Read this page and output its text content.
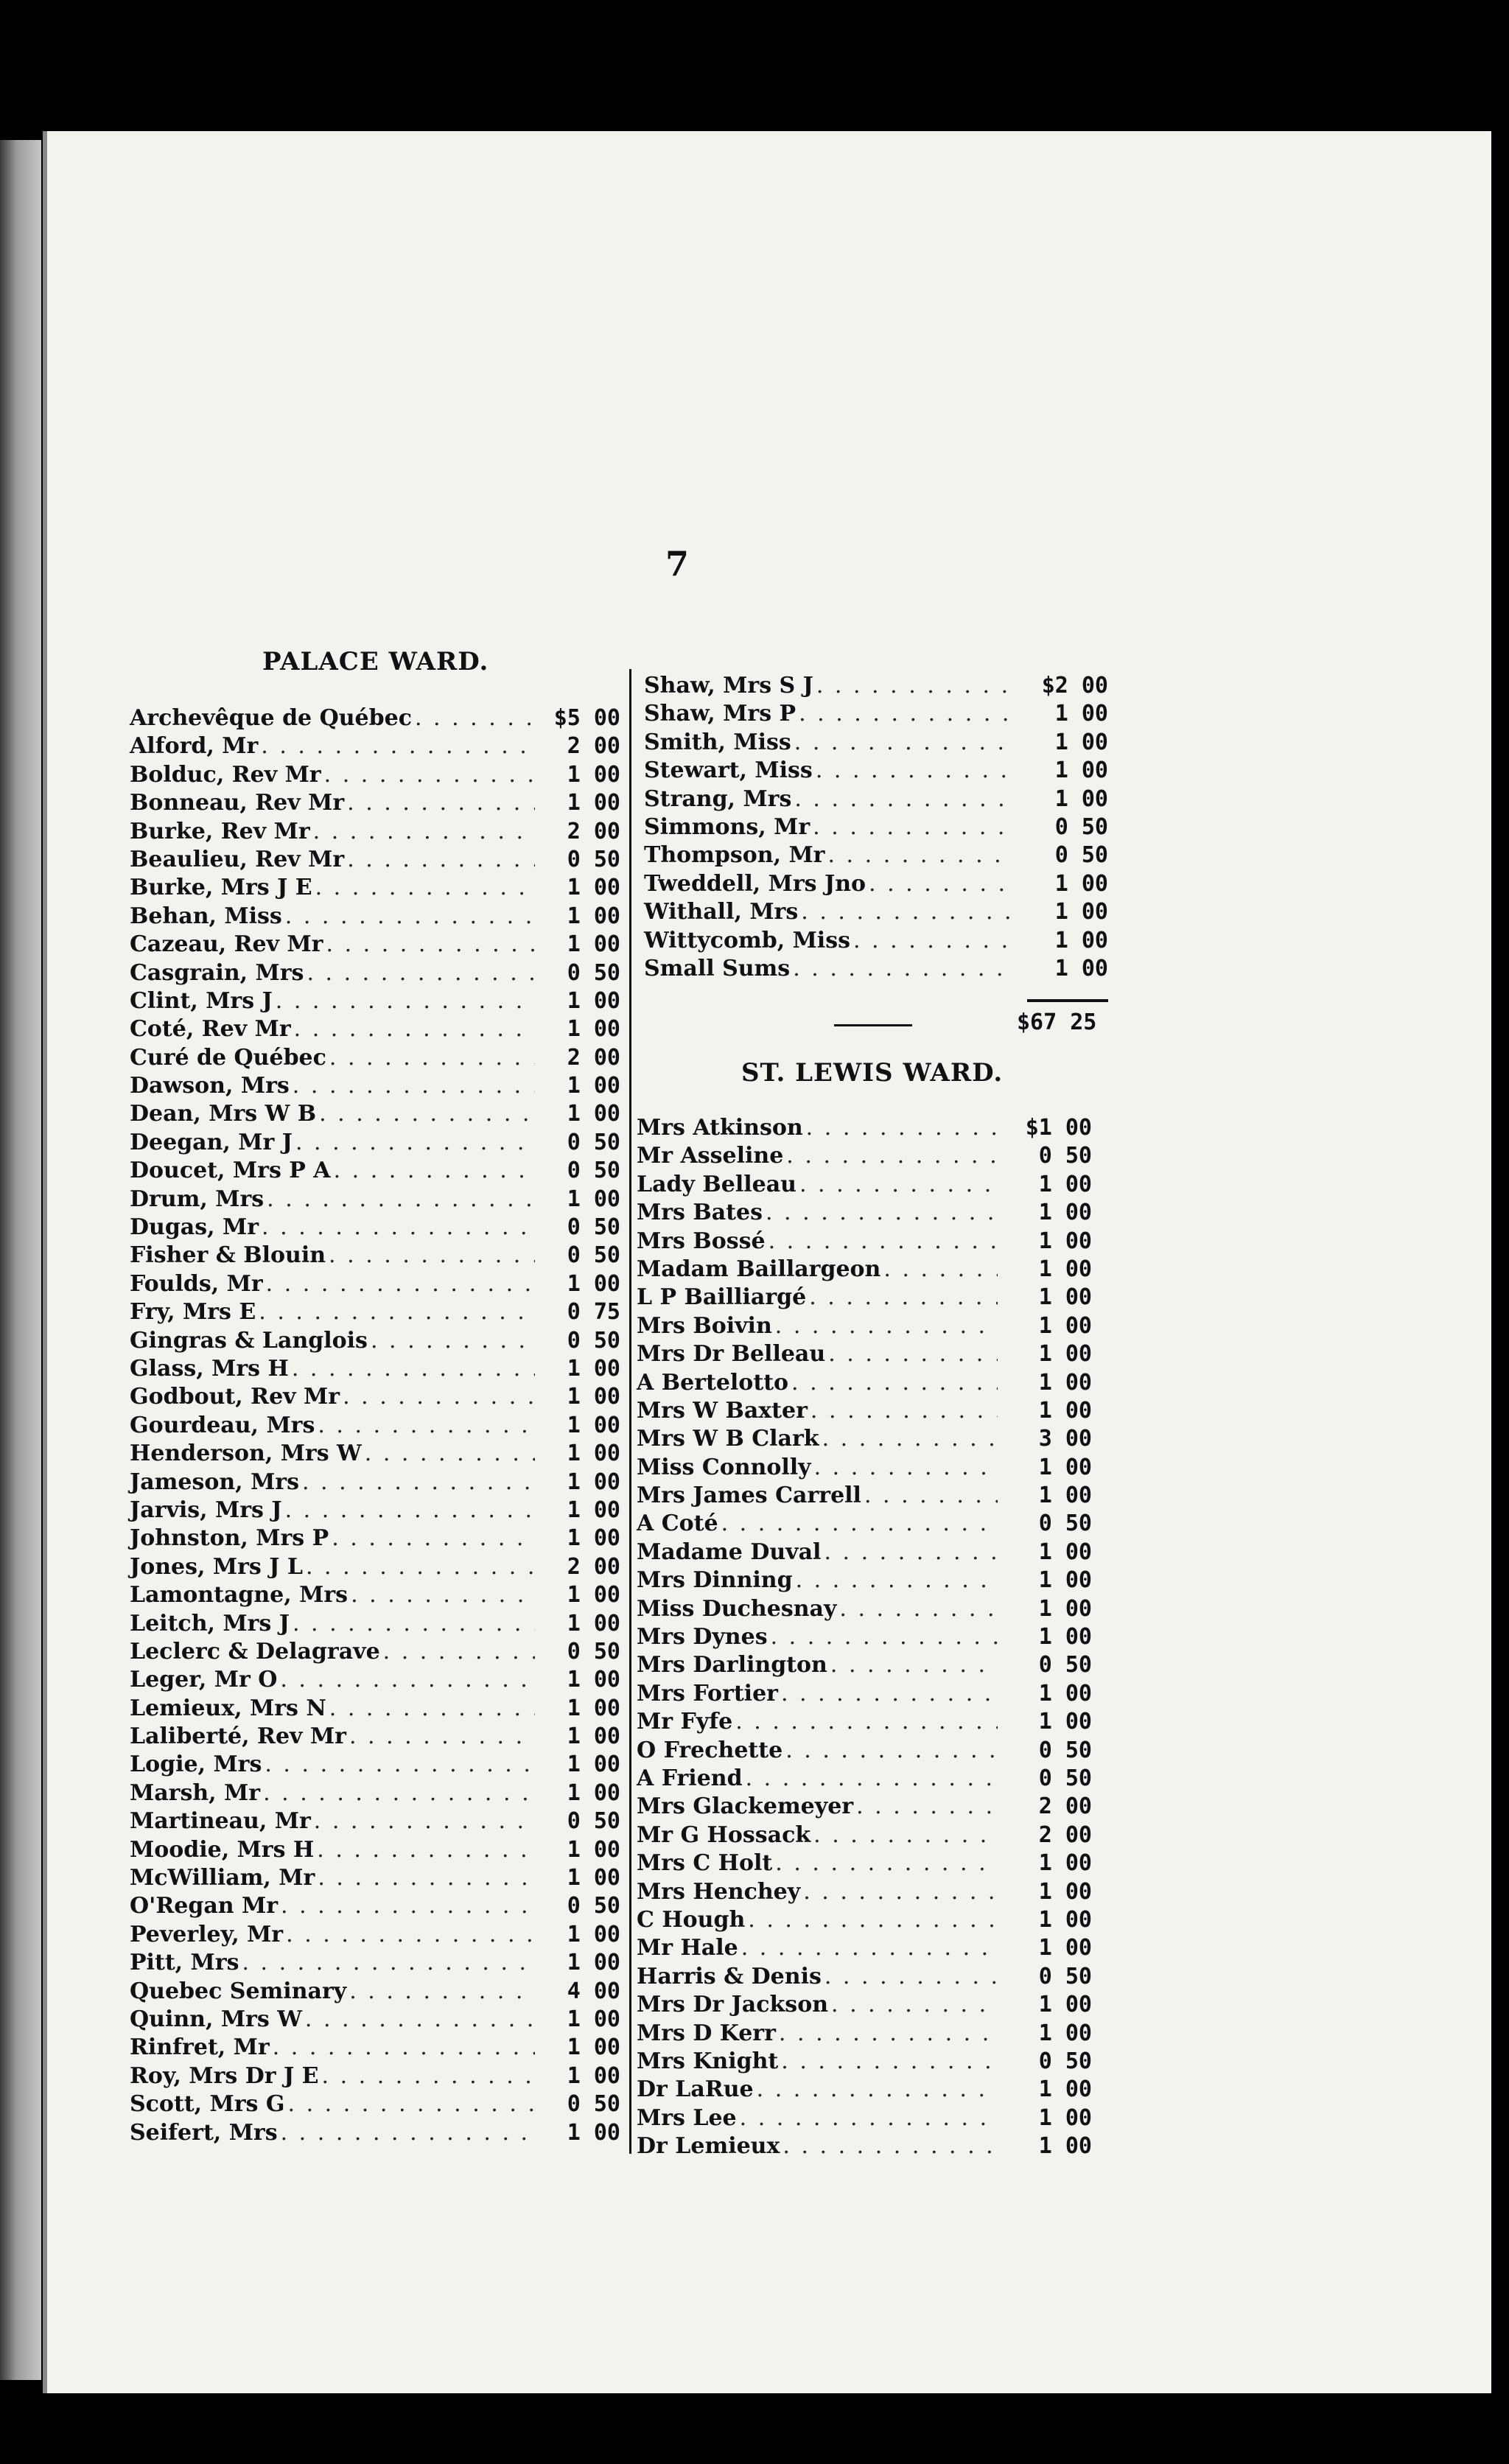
7
PALACE WARD.
Archevêque de Québec . . .	$5 00
Alford, Mr . . .	2 00
Bolduc, Rev Mr . . .	1 00
Bonneau, Rev Mr . . .	1 00
Burke, Rev Mr . . .	2 00
Beaulieu, Rev Mr . . .	0 50
Burke, Mrs J E . . .	1 00
Behan, Miss . . .	1 00
Cazeau, Rev Mr . . .	1 00
Casgrain, Mrs . . .	0 50
Clint, Mrs J . . .	1 00
Coté, Rev Mr . . .	1 00
Curé de Québec . . .	2 00
Dawson, Mrs . . .	1 00
Dean, Mrs W B . . .	1 00
Deegan, Mr J . . .	0 50
Doucet, Mrs P A . . .	0 50
Drum, Mrs . . .	1 00
Dugas, Mr . . .	0 50
Fisher & Blouin . . .	0 50
Foulds, Mr . . .	1 00
Fry, Mrs E . . .	0 75
Gingras & Langlois . . .	0 50
Glass, Mrs H . . .	1 00
Godbout, Rev Mr . . .	1 00
Gourdeau, Mrs . . .	1 00
Henderson, Mrs W . . .	1 00
Jameson, Mrs . . .	1 00
Jarvis, Mrs J . . .	1 00
Johnston, Mrs P . . .	1 00
Jones, Mrs J L . . .	2 00
Lamontagne, Mrs . . .	1 00
Leitch, Mrs J . . .	1 00
Leclerc & Delagrave . . .	0 50
Leger, Mr O . . .	1 00
Lemieux, Mrs N . . .	1 00
Laliberté, Rev Mr . . .	1 00
Logie, Mrs . . .	1 00
Marsh, Mr . . .	1 00
Martineau, Mr . . .	0 50
Moodie, Mrs H . . .	1 00
McWilliam, Mr . . .	1 00
O'Regan Mr . . .	0 50
Peverley, Mr . . .	1 00
Pitt, Mrs . . .	1 00
Quebec Seminary . . .	4 00
Quinn, Mrs W . . .	1 00
Rinfret, Mr . . .	1 00
Roy, Mrs Dr J E . . .	1 00
Scott, Mrs G . . .	0 50
Seifert, Mrs . . .	1 00
Shaw, Mrs S J . . .	$2 00
Shaw, Mrs P . . .	1 00
Smith, Miss . . .	1 00
Stewart, Miss . . .	1 00
Strang, Mrs . . .	1 00
Simmons, Mr . . .	0 50
Thompson, Mr . . .	0 50
Tweddell, Mrs Jno . . .	1 00
Withall, Mrs . . .	1 00
Wittycomb, Miss . . .	1 00
Small Sums . . .	1 00
$67 25
ST. LEWIS WARD.
Mrs Atkinson . . .	$1 00
Mr Asseline . . .	0 50
Lady Belleau . . .	1 00
Mrs Bates . . .	1 00
Mrs Bossé . . .	1 00
Madam Baillargeon . . .	1 00
L P Bailliargé . . .	1 00
Mrs Boivin . . .	1 00
Mrs Dr Belleau . . .	1 00
A Bertelotto . . .	1 00
Mrs W Baxter . . .	1 00
Mrs W B Clark . . .	3 00
Miss Connolly . . .	1 00
Mrs James Carrell . . .	1 00
A Coté . . .	0 50
Madame Duval . . .	1 00
Mrs Dinning . . .	1 00
Miss Duchesnay . . .	1 00
Mrs Dynes . . .	1 00
Mrs Darlington . . .	0 50
Mrs Fortier . . .	1 00
Mr Fyfe . . .	1 00
O Frechette . . .	0 50
A Friend . . .	0 50
Mrs Glackemeyer . . .	2 00
Mr G Hossack . . .	2 00
Mrs C Holt . . .	1 00
Mrs Henchey . . .	1 00
C Hough . . .	1 00
Mr Hale . . .	1 00
Harris & Denis . . .	0 50
Mrs Dr Jackson . . .	1 00
Mrs D Kerr . . .	1 00
Mrs Knight . . .	0 50
Dr LaRue . . .	1 00
Mrs Lee . . .	1 00
Dr Lemieux . . .	1 00
